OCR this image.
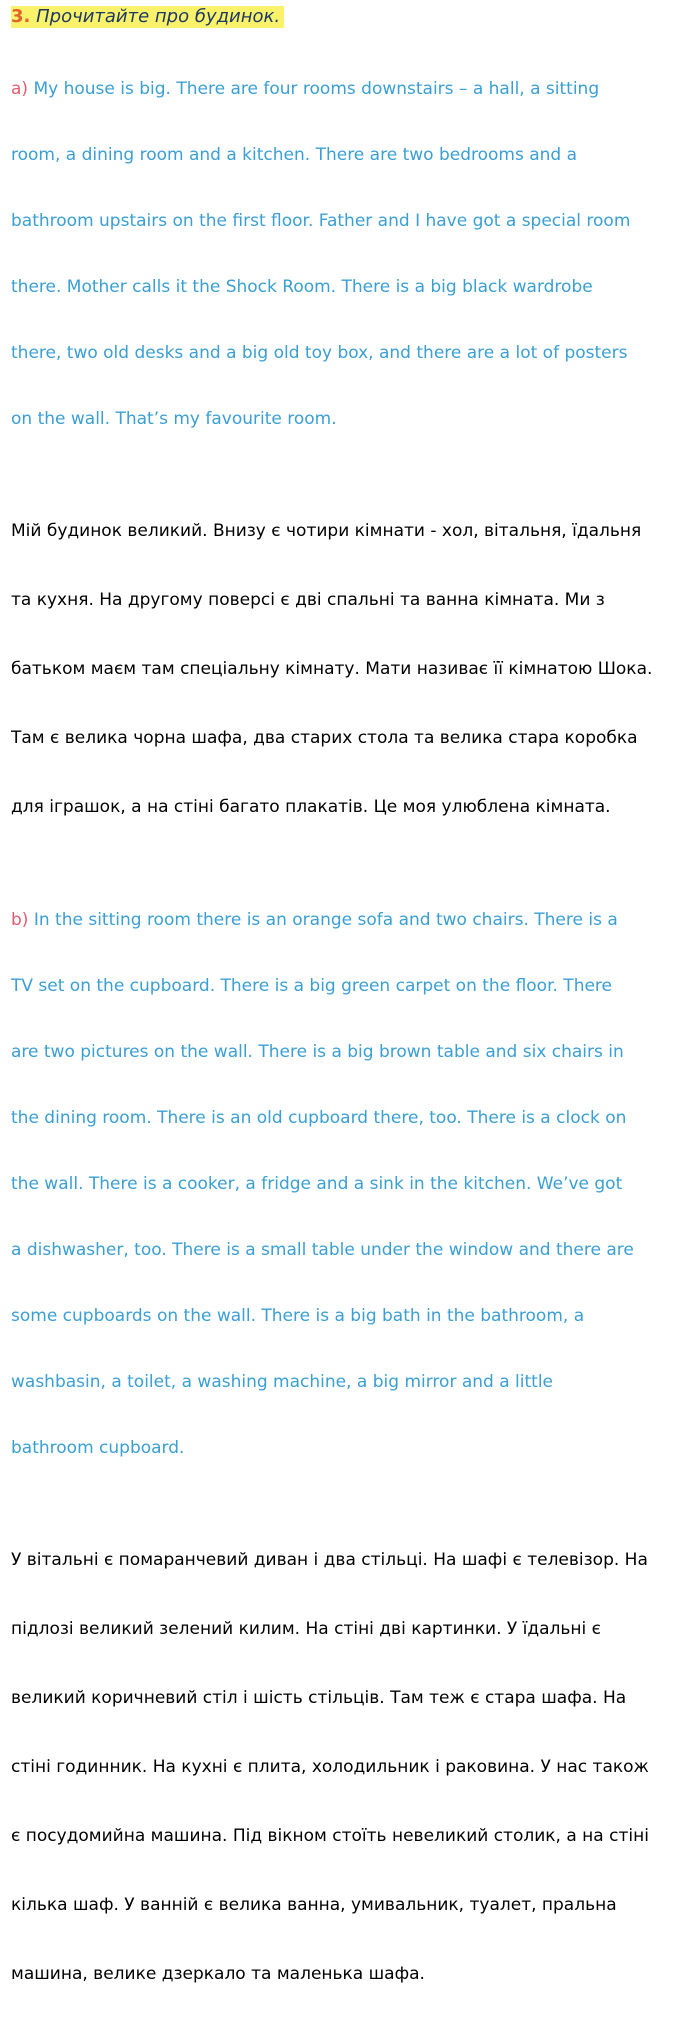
3. Прочитайте про будинок.

a) My house is big. There are four rooms downstairs – a hall, a sitting

room, a dining room and a kitchen. There are two bedrooms and a

bathroom upstairs on the first floor. Father and I have got a special room

there. Mother calls it the Shock Room. There is a big black wardrobe

there, two old desks and a big old toy box, and there are a lot of posters

on the wall. That’s my favourite room.

Мій будинок великий. Внизу є чотири кімнати - хол, вітальня, їдальня

та кухня. На другому поверсі є дві спальні та ванна кімната. Ми з

батьком маєм там спеціальну кімнату. Мати називає її кімнатою Шока.

Там є велика чорна шафа, два старих стола та велика стара коробка

для іграшок, а на стіні багато плакатів. Це моя улюблена кімната.

b) In the sitting room there is an orange sofa and two chairs. There is a

TV set on the cupboard. There is a big green carpet on the floor. There

are two pictures on the wall. There is a big brown table and six chairs in

the dining room. There is an old cupboard there, too. There is a clock on

the wall. There is a cooker, a fridge and a sink in the kitchen. We’ve got

a dishwasher, too. There is a small table under the window and there are

some cupboards on the wall. There is a big bath in the bathroom, a

washbasin, a toilet, a washing machine, a big mirror and a little

bathroom cupboard.

У вітальні є помаранчевий диван і два стільці. На шафі є телевізор. На

підлозі великий зелений килим. На стіні дві картинки. У їдальні є

великий коричневий стіл і шість стільців. Там теж є стара шафа. На

стіні годинник. На кухні є плита, холодильник і раковина. У нас також

є посудомийна машина. Під вікном стоїть невеликий столик, а на стіні

кілька шаф. У ванній є велика ванна, умивальник, туалет, пральна

машина, велике дзеркало та маленька шафа.
